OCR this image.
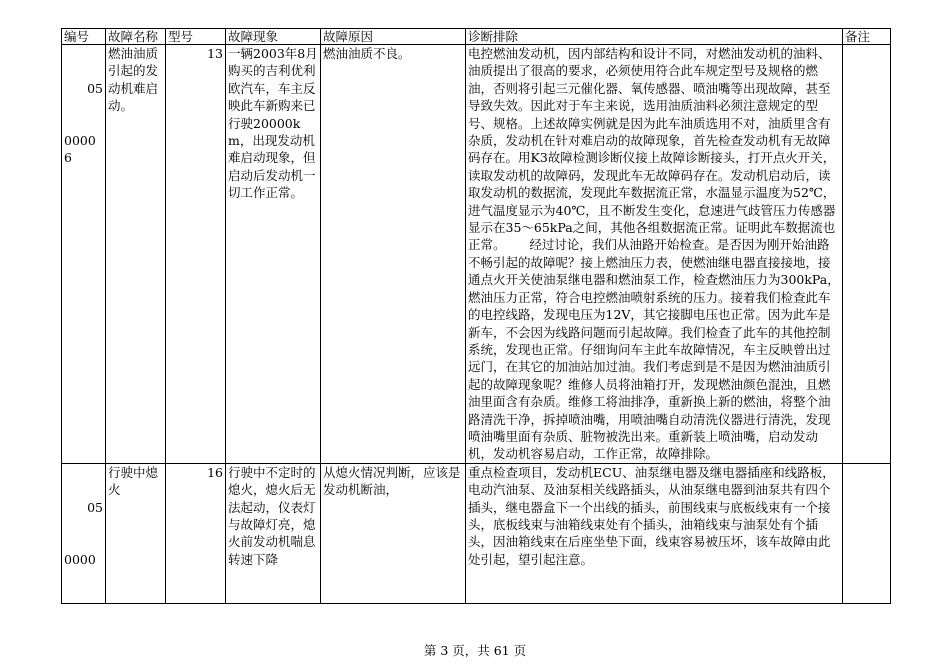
编号	故障名称	型号	故障现象	故障原因	诊断排除	备注

05

00006	燃油油质引起的发动机难启动。	13	一辆2003年8月购买的吉利优利欧汽车，车主反映此车新购来已行驶20000km，出现发动机难启动现象，但启动后发动机一切工作正常。	燃油油质不良。	电控燃油发动机，因内部结构和设计不同，对燃油发动机的油料、油质提出了很高的要求，必须使用符合此车规定型号及规格的燃油，否则将引起三元催化器、氧传感器、喷油嘴等出现故障，甚至导致失效。因此对于车主来说，选用油质油料必须注意规定的型号、规格。上述故障实例就是因为此车油质选用不对，油质里含有杂质，发动机在针对难启动的故障现象，首先检查发动机有无故障码存在。用K3故障检测诊断仪接上故障诊断接头，打开点火开关，读取发动机的故障码，发现此车无故障码存在。发动机启动后，读取发动机的数据流，发现此车数据流正常，水温显示温度为52℃，进气温度显示为40℃，且不断发生变化，怠速进气歧管压力传感器显示在35～65kPa之间，其他各组数据流正常。证明此车数据流也正常。      经过讨论，我们从油路开始检查。是否因为刚开始油路不畅引起的故障呢？接上燃油压力表，使燃油继电器直接接地，接通点火开关使油泵继电器和燃油泵工作，检查燃油压力为300kPa，燃油压力正常，符合电控燃油喷射系统的压力。接着我们检查此车的电控线路，发现电压为12V，其它接脚电压也正常。因为此车是新车，不会因为线路问题而引起故障。我们检查了此车的其他控制系统，发现也正常。仔细询问车主此车故障情况，车主反映曾出过远门，在其它的加油站加过油。我们考虑到是不是因为燃油油质引起的故障现象呢？维修人员将油箱打开，发现燃油颜色混浊，且燃油里面含有杂质。维修工将油排净，重新换上新的燃油，将整个油路清洗干净，拆掉喷油嘴，用喷油嘴自动清洗仪器进行清洗，发现喷油嘴里面有杂质、脏物被洗出来。重新装上喷油嘴，启动发动机，发动机容易启动，工作正常，故障排除。	

05

0000	行驶中熄火	16	行驶中不定时的熄火，熄火后无法起动，仪表灯与故障灯亮，熄火前发动机喘息转速下降	从熄火情况判断，应该是发动机断油，	重点检查项目，发动机ECU、油泵继电器及继电器插座和线路板，电动汽油泵、及油泵相关线路插头，从油泵继电器到油泵共有四个插头，继电器盒下一个出线的插头，前围线束与底板线束有一个接头，底板线束与油箱线束处有个插头，油箱线束与油泵处有个插头，因油箱线束在后座坐垫下面，线束容易被压坏，该车故障由此处引起，望引起注意。	
第 3 页，共 61 页
